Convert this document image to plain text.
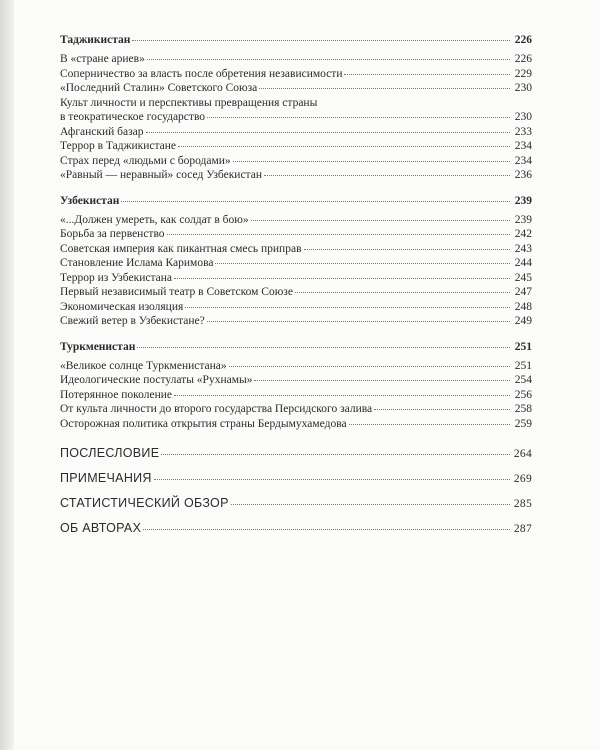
Таджикистан	226
В «стране ариев»	226
Соперничество за власть после обретения независимости	229
«Последний Сталин» Советского Союза	230
Культ личности и перспективы превращения страны
в теократическое государство	230
Афганский базар	233
Террор в Таджикистане	234
Страх перед «людьми с бородами»	234
«Равный — неравный» сосед Узбекистан	236
Узбекистан	239
«...Должен умереть, как солдат в бою»	239
Борьба за первенство	242
Советская империя как пикантная смесь приправ	243
Становление Ислама Каримова	244
Террор из Узбекистана	245
Первый независимый театр в Советском Союзе	247
Экономическая изоляция	248
Свежий ветер в Узбекистане?	249
Туркменистан	251
«Великое солнце Туркменистана»	251
Идеологические постулаты «Рухнамы»	254
Потерянное поколение	256
От культа личности до второго государства Персидского залива	258
Осторожная политика открытия страны Бердымухамедова	259
ПОСЛЕСЛОВИЕ	264
ПРИМЕЧАНИЯ	269
СТАТИСТИЧЕСКИЙ ОБЗОР	285
ОБ АВТОРАХ	287
